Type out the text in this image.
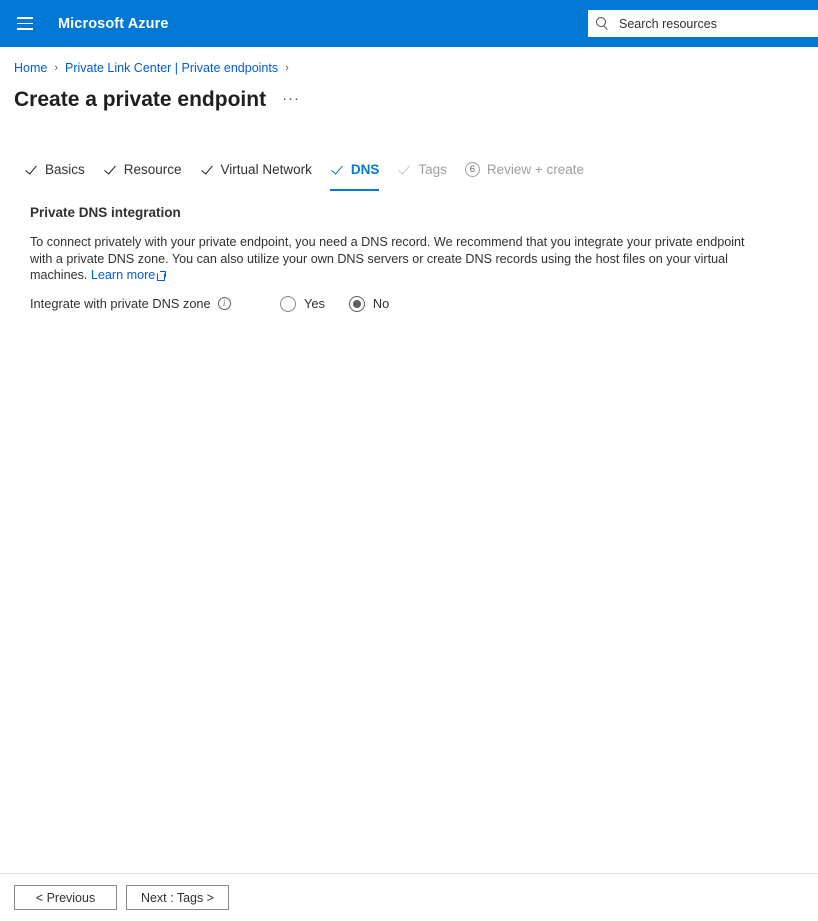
Microsoft Azure
Search resources
Home › Private Link Center | Private endpoints ›
Create a private endpoint ···
Basics	Resource	Virtual Network	DNS	Tags	6 Review + create
Private DNS integration
To connect privately with your private endpoint, you need a DNS record. We recommend that you integrate your private endpoint with a private DNS zone. You can also utilize your own DNS servers or create DNS records using the host files on your virtual machines. Learn more
Integrate with private DNS zone	i	Yes	No
< Previous	Next : Tags >
